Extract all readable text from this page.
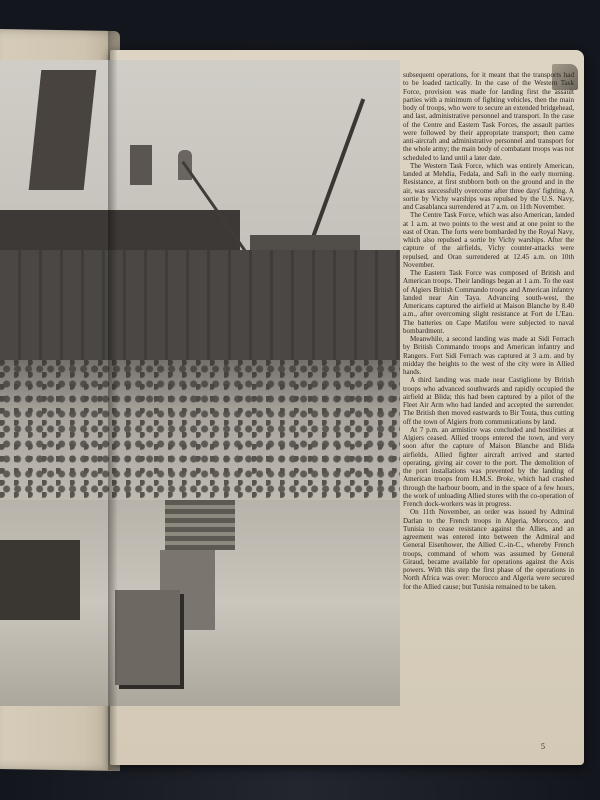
subsequent operations, for it meant that the transports had to be loaded tactically. In the case of the Western Task Force, provision was made for landing first the assault parties with a minimum of fighting vehicles, then the main body of troops, who were to secure an extended bridgehead, and last, administrative personnel and transport. In the case of the Centre and Eastern Task Forces, the assault parties were followed by their appropriate transport; then came anti-aircraft and administrative personnel and transport for the whole army; the main body of combatant troops was not scheduled to land until a later date.

The Western Task Force, which was entirely American, landed at Mehdia, Fedala, and Safi in the early morning. Resistance, at first stubborn both on the ground and in the air, was successfully overcome after three days' fighting. A sortie by Vichy warships was repulsed by the U.S. Navy, and Casablanca surrendered at 7 a.m. on 11th November.

The Centre Task Force, which was also American, landed at 1 a.m. at two points to the west and at one point to the east of Oran. The forts were bombarded by the Royal Navy, which also repulsed a sortie by Vichy warships. After the capture of the airfields, Vichy counter-attacks were repulsed, and Oran surrendered at 12.45 a.m. on 10th November.

The Eastern Task Force was composed of British and American troops. Their landings began at 1 a.m. To the east of Algiers British Commando troops and American infantry landed near Ain Taya. Advancing south-west, the Americans captured the airfield at Maison Blanche by 8.40 a.m., after overcoming slight resistance at Fort de L'Eau. The batteries on Cape Matifou were subjected to naval bombardment.

Meanwhile, a second landing was made at Sidi Ferrach by British Commando troops and American infantry and Rangers. Fort Sidi Ferrach was captured at 3 a.m. and by midday the heights to the west of the city were in Allied hands.

A third landing was made near Castiglione by British troops who advanced southwards and rapidly occupied the airfield at Blida; this had been captured by a pilot of the Fleet Air Arm who had landed and accepted the surrender. The British then moved eastwards to Bir Touta, thus cutting off the town of Algiers from communications by land.

At 7 p.m. an armistice was concluded and hostilities at Algiers ceased. Allied troops entered the town, and very soon after the capture of Maison Blanche and Blida airfields, Allied fighter aircraft arrived and started operating, giving air cover to the port. The demolition of the port installations was prevented by the landing of American troops from H.M.S. Broke, which had crashed through the harbour boom, and in the space of a few hours, the work of unloading Allied stores with the co-operation of French dock-workers was in progress.

On 11th November, an order was issued by Admiral Darlan to the French troops in Algeria, Morocco, and Tunisia to cease resistance against the Allies, and an agreement was entered into between the Admiral and General Eisenhower, the Allied C.-in-C., whereby French troops, command of whom was assumed by General Giraud, became available for operations against the Axis powers. With this step the first phase of the operations in North Africa was over: Morocco and Algeria were secured for the Allied cause; but Tunisia remained to be taken.

5
